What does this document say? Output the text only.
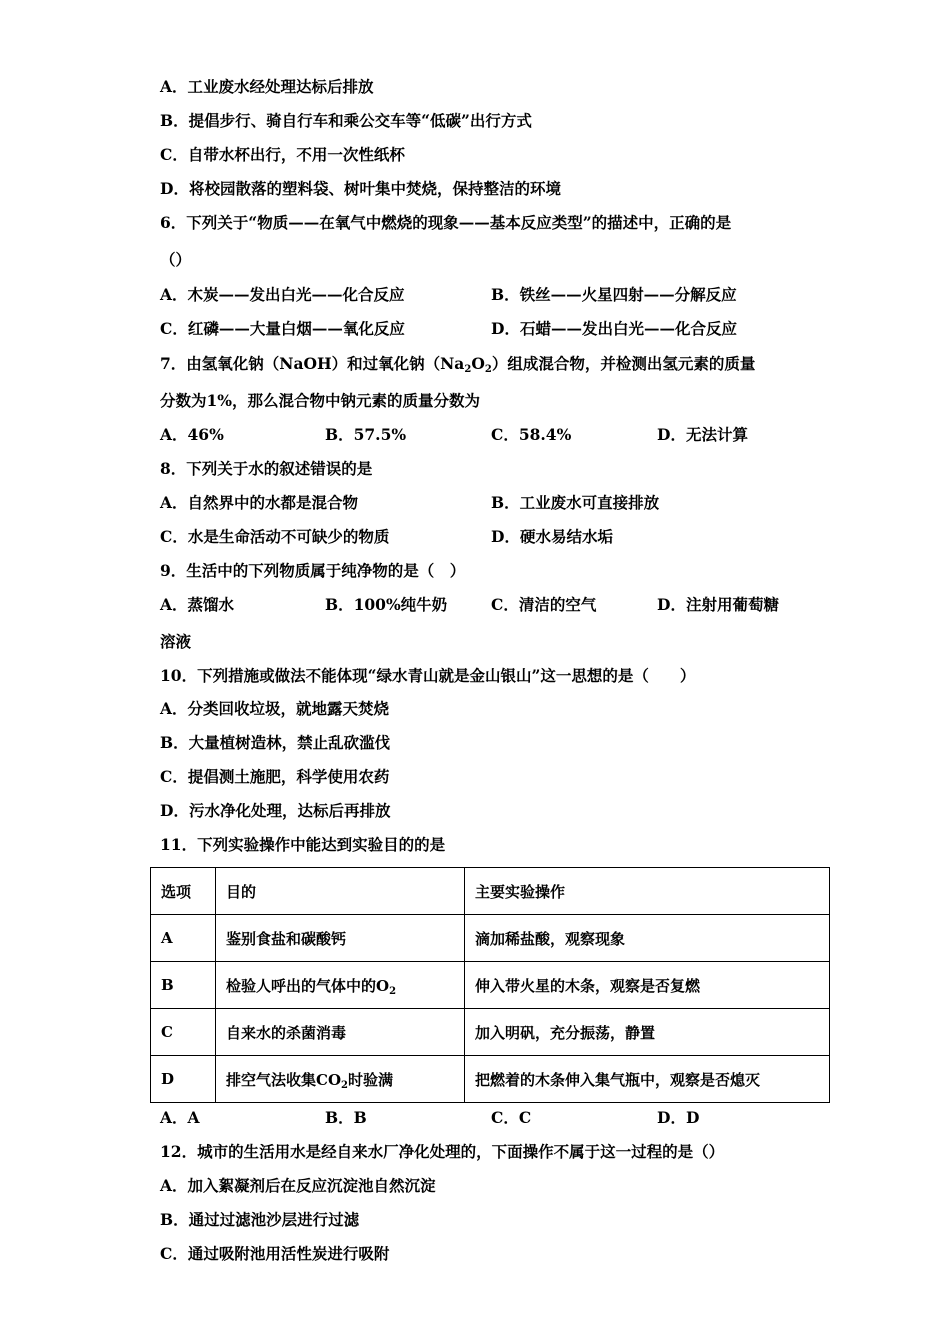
A．工业废水经处理达标后排放
B．提倡步行、骑自行车和乘公交车等“低碳”出行方式
C．自带水杯出行，不用一次性纸杯
D．将校园散落的塑料袋、树叶集中焚烧，保持整洁的环境
6．下列关于“物质——在氧气中燃烧的现象——基本反应类型”的描述中，正确的是
（）
A．木炭——发出白光——化合反应	B．铁丝——火星四射——分解反应
C．红磷——大量白烟——氧化反应	D．石蜡——发出白光——化合反应
7．由氢氧化钠（NaOH）和过氧化钠$(Na_2O_2)$组成混合物，并检测出氢元素的质量
分数为1%，那么混合物中钠元素的质量分数为
A．46%	B．57.5%	C．58.4%	D．无法计算
8．下列关于水的叙述错误的是
A．自然界中的水都是混合物	B．工业废水可直接排放
C．水是生命活动不可缺少的物质	D．硬水易结水垢
9．生活中的下列物质属于纯净物的是（　）
A．蒸馏水	B．100%纯牛奶	C．清洁的空气	D．注射用葡萄糖
溶液
10．下列措施或做法不能体现“绿水青山就是金山银山”这一思想的是（　　）
A．分类回收垃圾，就地露天焚烧
B．大量植树造林，禁止乱砍滥伐
C．提倡测土施肥，科学使用农药
D．污水净化处理，达标后再排放
11．下列实验操作中能达到实验目的的是
选项	目的	主要实验操作
A	鉴别食盐和碳酸钙	滴加稀盐酸，观察现象
B	检验人呼出的气体中的$O_2$	伸入带火星的木条，观察是否复燃
C	自来水的杀菌消毒	加入明矾，充分振荡，静置
D	排空气法收集$CO_2$时验满	把燃着的木条伸入集气瓶中，观察是否熄灭
A．A	B．B	C．C	D．D
12．城市的生活用水是经自来水厂净化处理的，下面操作不属于这一过程的是（）
A．加入絮凝剂后在反应沉淀池自然沉淀
B．通过过滤池沙层进行过滤
C．通过吸附池用活性炭进行吸附
